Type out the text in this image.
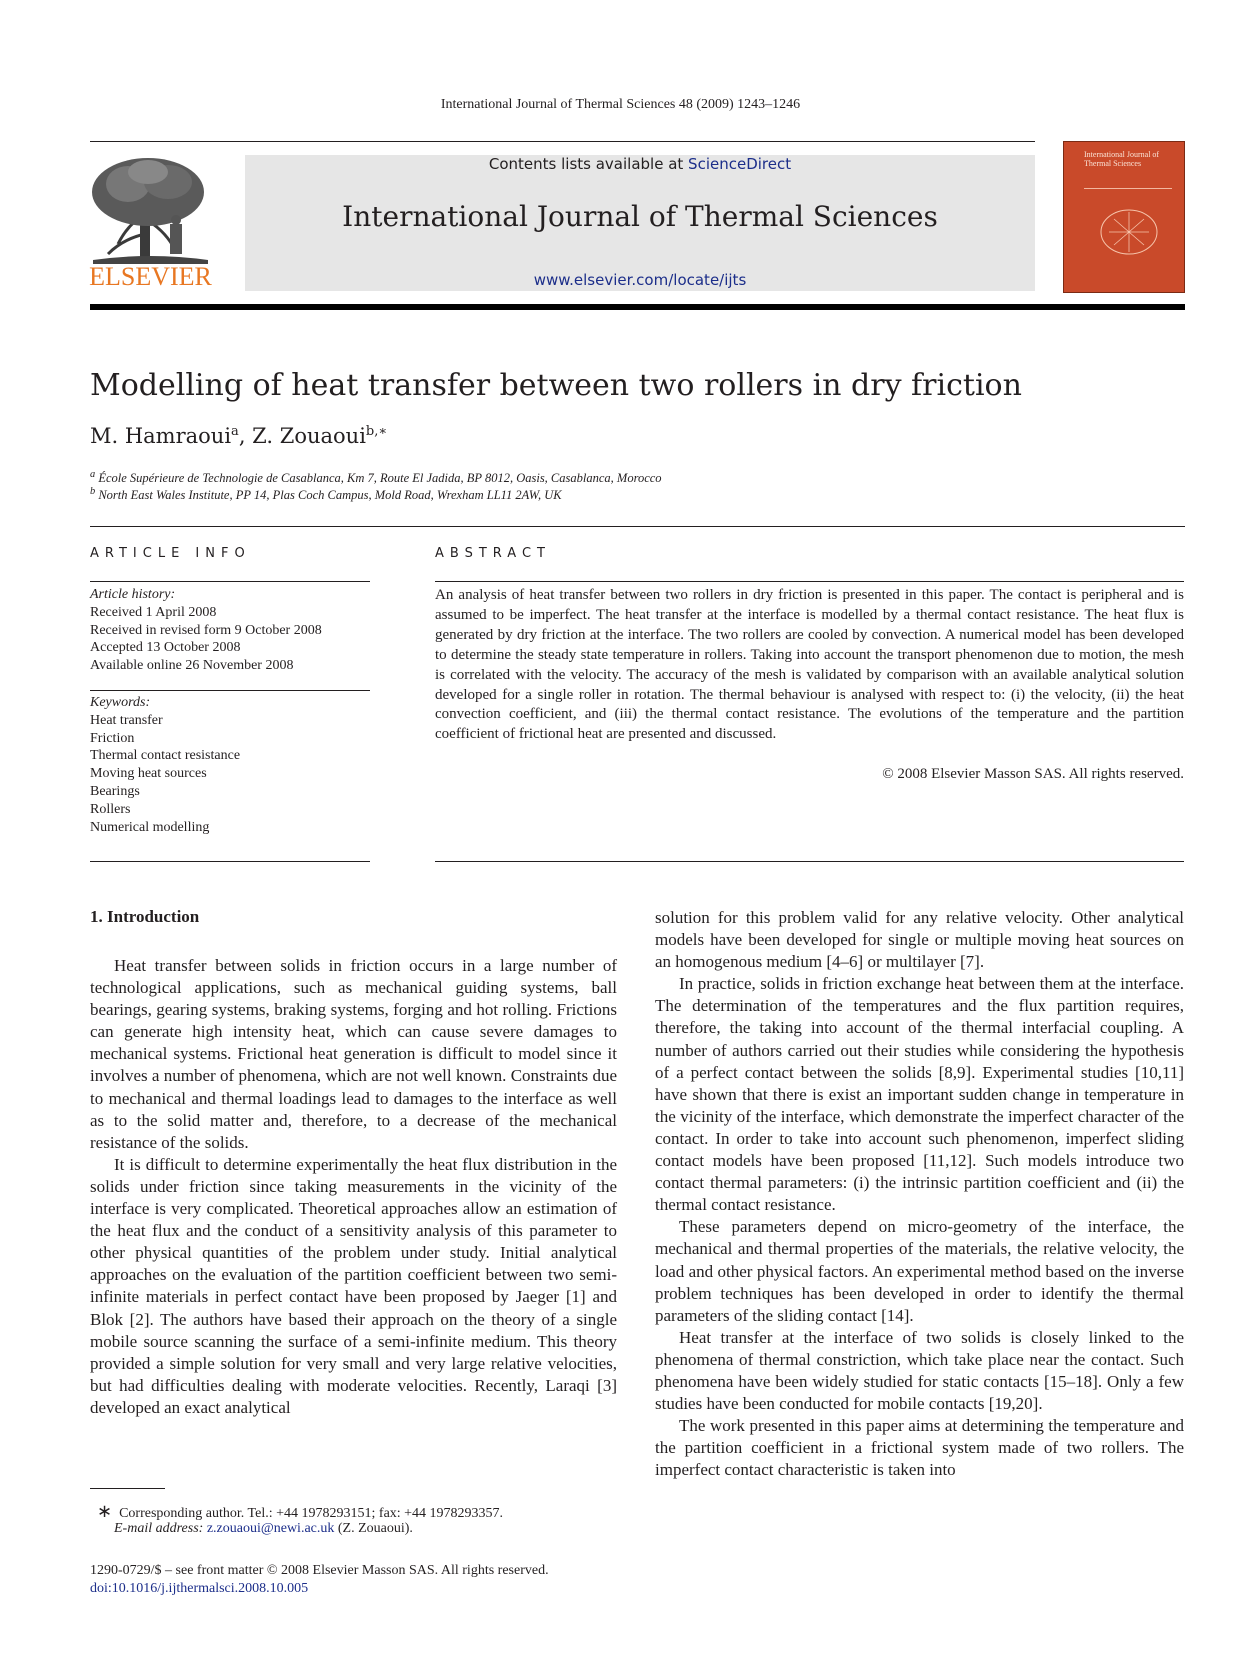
International Journal of Thermal Sciences 48 (2009) 1243–1246
ELSEVIER
Contents lists available at ScienceDirect
International Journal of Thermal Sciences
www.elsevier.com/locate/ijts
International Journal of Thermal Sciences
Modelling of heat transfer between two rollers in dry friction
M. Hamraoui$^a$, Z. Zouaoui$^{b,∗}$
$^a$ École Supérieure de Technologie de Casablanca, Km 7, Route El Jadida, BP 8012, Oasis, Casablanca, Morocco
$^b$ North East Wales Institute, PP 14, Plas Coch Campus, Mold Road, Wrexham LL11 2AW, UK
ARTICLE INFO
Article history:
Received 1 April 2008
Received in revised form 9 October 2008
Accepted 13 October 2008
Available online 26 November 2008
Keywords:
Heat transfer
Friction
Thermal contact resistance
Moving heat sources
Bearings
Rollers
Numerical modelling
ABSTRACT
An analysis of heat transfer between two rollers in dry friction is presented in this paper. The contact is peripheral and is assumed to be imperfect. The heat transfer at the interface is modelled by a thermal contact resistance. The heat flux is generated by dry friction at the interface. The two rollers are cooled by convection. A numerical model has been developed to determine the steady state temperature in rollers. Taking into account the transport phenomenon due to motion, the mesh is correlated with the velocity. The accuracy of the mesh is validated by comparison with an available analytical solution developed for a single roller in rotation. The thermal behaviour is analysed with respect to: (i) the velocity, (ii) the heat convection coefficient, and (iii) the thermal contact resistance. The evolutions of the temperature and the partition coefficient of frictional heat are presented and discussed.
© 2008 Elsevier Masson SAS. All rights reserved.
1. Introduction

Heat transfer between solids in friction occurs in a large number of technological applications, such as mechanical guiding systems, ball bearings, gearing systems, braking systems, forging and hot rolling. Frictions can generate high intensity heat, which can cause severe damages to mechanical systems. Frictional heat generation is difficult to model since it involves a number of phenomena, which are not well known. Constraints due to mechanical and thermal loadings lead to damages to the interface as well as to the solid matter and, therefore, to a decrease of the mechanical resistance of the solids.

It is difficult to determine experimentally the heat flux distribution in the solids under friction since taking measurements in the vicinity of the interface is very complicated. Theoretical approaches allow an estimation of the heat flux and the conduct of a sensitivity analysis of this parameter to other physical quantities of the problem under study. Initial analytical approaches on the evaluation of the partition coefficient between two semi-infinite materials in perfect contact have been proposed by Jaeger [1] and Blok [2]. The authors have based their approach on the theory of a single mobile source scanning the surface of a semi-infinite medium. This theory provided a simple solution for very small and very large relative velocities, but had difficulties dealing with moderate velocities. Recently, Laraqi [3] developed an exact analytical

solution for this problem valid for any relative velocity. Other analytical models have been developed for single or multiple moving heat sources on an homogenous medium [4–6] or multilayer [7].

In practice, solids in friction exchange heat between them at the interface. The determination of the temperatures and the flux partition requires, therefore, the taking into account of the thermal interfacial coupling. A number of authors carried out their studies while considering the hypothesis of a perfect contact between the solids [8,9]. Experimental studies [10,11] have shown that there is exist an important sudden change in temperature in the vicinity of the interface, which demonstrate the imperfect character of the contact. In order to take into account such phenomenon, imperfect sliding contact models have been proposed [11,12]. Such models introduce two contact thermal parameters: (i) the intrinsic partition coefficient and (ii) the thermal contact resistance.

These parameters depend on micro-geometry of the interface, the mechanical and thermal properties of the materials, the relative velocity, the load and other physical factors. An experimental method based on the inverse problem techniques has been developed in order to identify the thermal parameters of the sliding contact [14].

Heat transfer at the interface of two solids is closely linked to the phenomena of thermal constriction, which take place near the contact. Such phenomena have been widely studied for static contacts [15–18]. Only a few studies have been conducted for mobile contacts [19,20].

The work presented in this paper aims at determining the temperature and the partition coefficient in a frictional system made of two rollers. The imperfect contact characteristic is taken into

∗ Corresponding author. Tel.: +44 1978293151; fax: +44 1978293357.
E-mail address: z.zouaoui@newi.ac.uk (Z. Zouaoui).
1290-0729/$ – see front matter © 2008 Elsevier Masson SAS. All rights reserved.
doi:10.1016/j.ijthermalsci.2008.10.005
